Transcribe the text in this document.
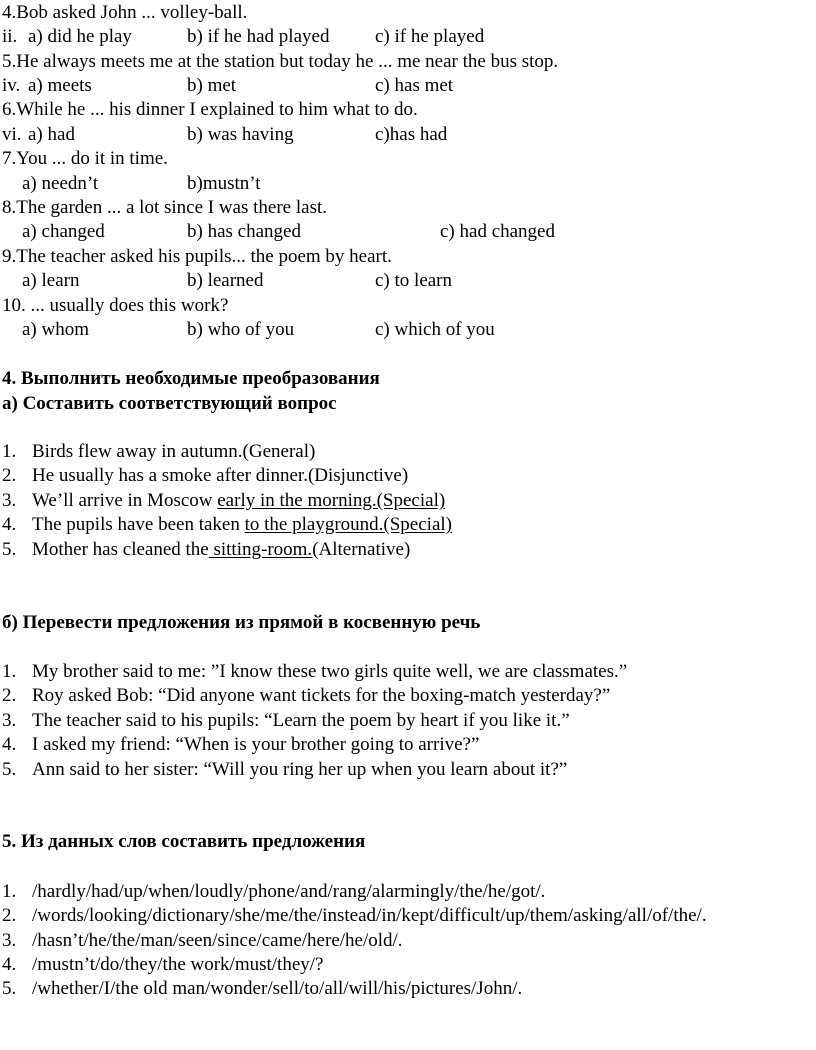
4.Bob asked John ... volley-ball.
ii. a) did he play	b) if he had played c) if he played
5.He always meets me at the station but today he ... me near the bus stop.
iv. a) meets	b) met	c) has met
6.While he ... his dinner I explained to him what to do.
vi. a) had	b) was having	c)has had
7.You ... do it in time.
a) needn’t	b)mustn’t
8.The garden ... a lot since I was there last.
a) changed	b) has changed	c) had changed
9.The teacher asked his pupils... the poem by heart.
a) learn	b) learned	c) to learn
10. ... usually does this work?
a) whom	b) who of you	c) which of you
4. Выполнить необходимые преобразования
а) Составить соответствующий вопрос
1. Birds flew away in autumn.(General)
2. He usually has a smoke after dinner.(Disjunctive)
3. We’ll arrive in Moscow early in the morning.(Special)
4. The pupils have been taken to the playground.(Special)
5. Mother has cleaned the sitting-room.(Alternative)
б) Перевести предложения из прямой в косвенную речь
1. My brother said to me: ”I know these two girls quite well, we are classmates.”
2. Roy asked Bob: “Did anyone want tickets for the boxing-match yesterday?”
3. The teacher said to his pupils: “Learn the poem by heart if you like it.”
4. I asked my friend: “When is your brother going to arrive?”
5. Ann said to her sister: “Will you ring her up when you learn about it?”
5. Из данных слов составить предложения
1. /hardly/had/up/when/loudly/phone/and/rang/alarmingly/the/he/got/.
2. /words/looking/dictionary/she/me/the/instead/in/kept/difficult/up/them/asking/all/of/the/.
3. /hasn’t/he/the/man/seen/since/came/here/he/old/.
4. /mustn’t/do/they/the work/must/they/?
5. /whether/I/the old man/wonder/sell/to/all/will/his/pictures/John/.
